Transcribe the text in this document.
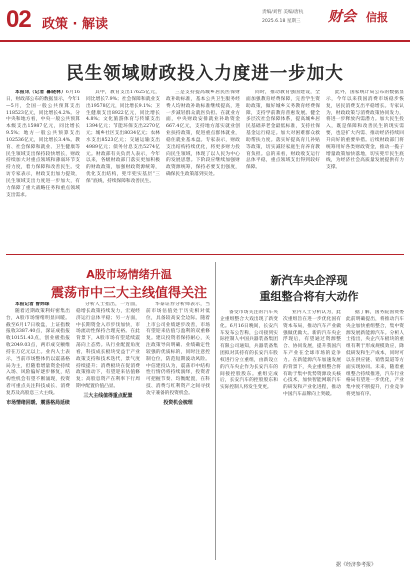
02 政策 · 解读
责编/刘哲 美编/唐杭
2025.6.18 星期三 财会 信报
民生领域财政投入力度进一步加大

本报讯（记者 暮晓林）6月16日，财政部公布的数据显示，今年1—5月，全国一般公共预算支出118523亿元，同比增长4.2%。分中央和地方看，中央一般公共预算本级支出15987亿元，同比增长9.5%；地方一般公共预算支出102536亿元，同比增长3.4%。教育、社会保障和就业、卫生健康等民生领域支出保持较快增长，财政持续加大对重点领域和薄弱环节支持力度，着力保障和改善民生。受访专家表示，财政支出加力提效，民生领域支出力度进一步加大，有力保障了重大战略任务和重点领域支出需求。

其中，教育支出17625亿元，同比增长7.9%；社会保障和就业支出19578亿元，同比增长9.1%；卫生健康支出8922亿元，同比增长4.8%；文化旅游体育与传媒支出1394亿元；节能环保支出2270亿元；城乡社区支出8034亿元；农林水支出8523亿元；交通运输支出4989亿元；债务付息支出5274亿元。财政部有关负责人表示，今年以来，各级财政部门落实更加积极的财政政策，加强财政资源统筹，优化支出结构，兜牢兜实基层“三保”底线，持续保障和改善民生。

三是支持提高城乡居民医保财政补助标准，基本公共卫生服务经费人均财政补助标准继续提高，进一步减轻群众就医负担。在就业方面，中央财政安排就业补助资金667.4亿元，支持地方落实就业创业扶持政策，促进重点群体就业，稳住就业基本盘。专家表示，财政支出结构持续优化，将更多财力投向民生领域，体现了以人民为中心的发展思想。下阶段应继续加强财政资源统筹，保持必要支出强度，确保民生政策落到实处。

同时，推动教育强国建设，全面加强教育经费保障，完善学生资助政策，做好城乡义务教育经费保障，支持学前教育普惠发展。健全多层次社会保障体系，提高城乡居民基础养老金最低标准，支持社保基金运行稳定。加大对困难群众救助帮扶力度。落实好提高育儿补贴等政策，切实减轻家庭生育养育教育负担。总的来看，财政收支运行总体平稳，重点领域支出得到较好保障。

此外，国家统计局公布的数据显示，今年以来我国消费市场稳步恢复，居民消费支出平稳增长。专家认为，财政政策与消费政策协同发力，将进一步释放内需潜力。加大民生投入，既是保障和改善民生的现实需要，也是扩大内需、推动经济持续回升向好的重要举措。后续财政部门将统筹用好各类财政资金，推动一揽子增量政策加快落地，切实兜牢民生底线，为经济社会高质量发展提供有力支撑。

A股市场情绪升温
震荡市中三大主线值得关注

本报记者 曾炜琛

随着近期政策利好密集出台，A股市场情绪明显回暖。截至6月17日收盘，上证指数报收3387.40点，深证成指报收10151.43点，创业板指报收2049.03点，两市成交额维持在万亿元以上。业内人士表示，当前市场整体仍以震荡格局为主，但随着增量资金持续入场、风险偏好逐步修复，结构性机会有望不断涌现，投资者可重点关注科技成长、消费复苏及高股息三大主线。

市场情绪回暖、震荡格局延续

分析人士指出，一方面，稳增长政策持续发力，宏观经济运行总体平稳；另一方面，中长期资金入市步伐加快，市场流动性保持合理充裕。在此背景下，A股市场有望延续震荡向上态势。从行业配置角度看，科技成长板块受益于产业政策支持和技术迭代，景气度持续提升；消费板块在促消费政策推动下，有望迎来估值修复；高股息资产在利率下行周期中配置价值凸显。

三大主线值得重点配置

华泰证券分析师表示，当前市场估值处于历史相对低位，具备较高安全边际。随着上市公司业绩逐步改善，市场有望迎来估值与盈利的双重修复。建议投资者保持耐心，关注政策导向明确、业绩确定性较强的优质标的，同时注意控制仓位，防范短期波动风险。中信建投认为，震荡市中结构性行情仍将持续演绎，投资者可把握节奏、均衡配置，在科技、消费与红利资产之间寻找攻守兼备的投资机会。

投资机会梳理
新汽车央企浮现
重组整合将有大动作

备受市场关注的汽车央企重组整合大戏出现了新变化。6月16日晚间，长安汽车发布公告称，公司接到实际控制人中国兵器装备集团有限公司通知，兵器装备集团拟对其持有的长安汽车股权进行分立重组，由新设立的汽车央企作为长安汽车的间接控股股东。重组完成后，长安汽车的控股股东和实际控制人将发生变更。

业内人士分析认为，此次重组旨在进一步优化国有资本布局，推动汽车产业做强做优做大。新的汽车央企浮现后，有望通过资源整合、协同发展，提升我国汽车产业在全球市场的竞争力。在新能源汽车加速发展的背景下，央企重组整合将有助于集中优势资源攻关核心技术，加快智能网联汽车的研发和产业化进程，推动中国汽车品牌向上突破。

据了解，国务院国资委此前明确提出，将推动汽车央企加快重组整合，集中资源发展新能源汽车。分析人士指出，央企汽车板块的重组有利于形成规模效应，降低研发和生产成本，同时可以在供应链、销售渠道等方面实现协同。未来，随着重组整合持续推进，汽车行业格局有望进一步优化，产业集中度不断提升，行业竞争将更加有序。

据《经济参考报》
